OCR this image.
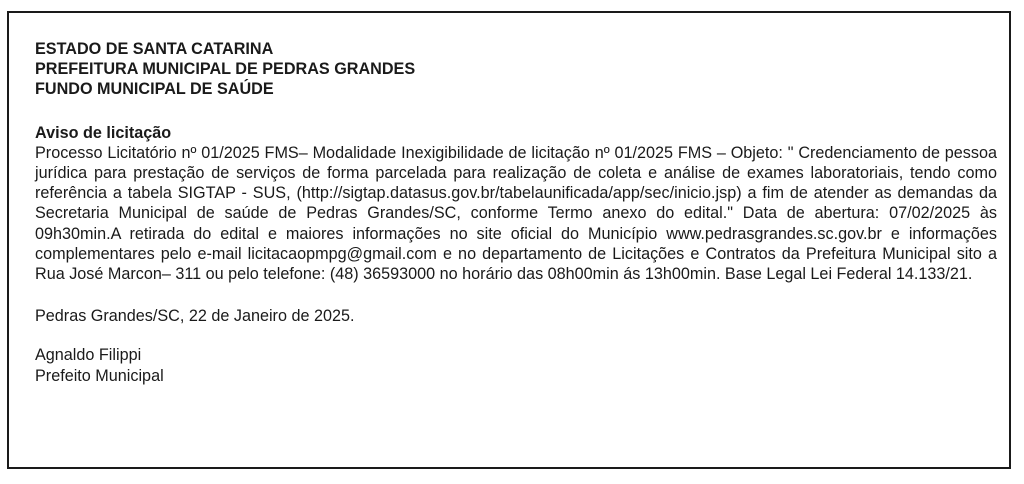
ESTADO DE SANTA CATARINA
PREFEITURA MUNICIPAL DE PEDRAS GRANDES
FUNDO MUNICIPAL DE SAÚDE
Aviso de licitação

Processo Licitatório nº 01/2025 FMS– Modalidade Inexigibilidade de licitação nº 01/2025 FMS – Objeto: " Credenciamento de pessoa jurídica para prestação de serviços de forma parcelada para realização de coleta e análise de exames laboratoriais, tendo como referência a tabela SIGTAP - SUS, (http://sigtap.datasus.gov.br/tabelaunificada/app/sec/inicio.jsp) a fim de atender as demandas da Secretaria Municipal de saúde de Pedras Grandes/SC, conforme Termo anexo do edital." Data de abertura: 07/02/2025 às 09h30min.A retirada do edital e maiores informações no site oficial do Município www.pedrasgrandes.sc.gov.br e informações complementares pelo e-mail licitacaopmpg@gmail.com e no departamento de Licitações e Contratos da Prefeitura Municipal sito a Rua José Marcon– 311 ou pelo telefone: (48) 36593000 no horário das 08h00min ás 13h00min. Base Legal Lei Federal 14.133/21.

Pedras Grandes/SC, 22 de Janeiro de 2025.
Agnaldo Filippi
Prefeito Municipal
